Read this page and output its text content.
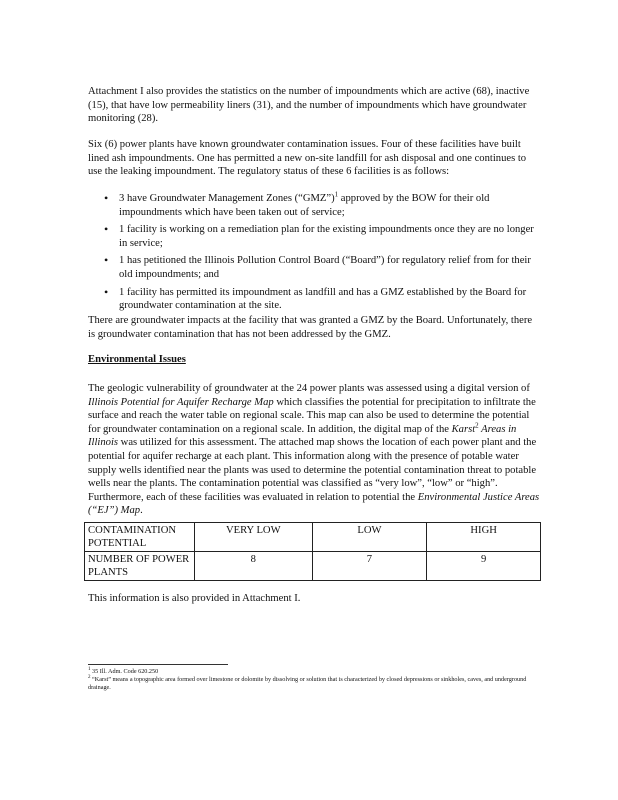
Attachment I also provides the statistics on the number of impoundments which are active (68), inactive (15), that have low permeability liners (31), and the number of impoundments which have groundwater monitoring (28).

Six (6) power plants have known groundwater contamination issues. Four of these facilities have built lined ash impoundments. One has permitted a new on-site landfill for ash disposal and one continues to use the leaking impoundment. The regulatory status of these 6 facilities is as follows:

• 3 have Groundwater Management Zones (“GMZ”)$^1$ approved by the BOW for their old impoundments which have been taken out of service;
• 1 facility is working on a remediation plan for the existing impoundments once they are no longer in service;
• 1 has petitioned the Illinois Pollution Control Board (“Board”) for regulatory relief from for their old impoundments; and
• 1 facility has permitted its impoundment as landfill and has a GMZ established by the Board for groundwater contamination at the site.

There are groundwater impacts at the facility that was granted a GMZ by the Board. Unfortunately, there is groundwater contamination that has not been addressed by the GMZ.

Environmental Issues

The geologic vulnerability of groundwater at the 24 power plants was assessed using a digital version of Illinois Potential for Aquifer Recharge Map which classifies the potential for precipitation to infiltrate the surface and reach the water table on regional scale. This map can also be used to determine the potential for groundwater contamination on a regional scale. In addition, the digital map of the Karst$^2$ Areas in Illinois was utilized for this assessment. The attached map shows the location of each power plant and the potential for aquifer recharge at each plant. This information along with the presence of potable water supply wells identified near the plants was used to determine the potential contamination threat to potable wells near the plants. The contamination potential was classified as “very low”, “low” or “high”. Furthermore, each of these facilities was evaluated in relation to potential the Environmental Justice Areas (“EJ”) Map.

CONTAMINATION POTENTIAL	VERY LOW	LOW	HIGH
NUMBER OF POWER PLANTS	8	7	9

This information is also provided in Attachment I.

$^1$ 35 Ill. Adm. Code 620.250
$^2$ “Karst” means a topographic area formed over limestone or dolomite by dissolving or solution that is characterized by closed depressions or sinkholes, caves, and underground drainage.
